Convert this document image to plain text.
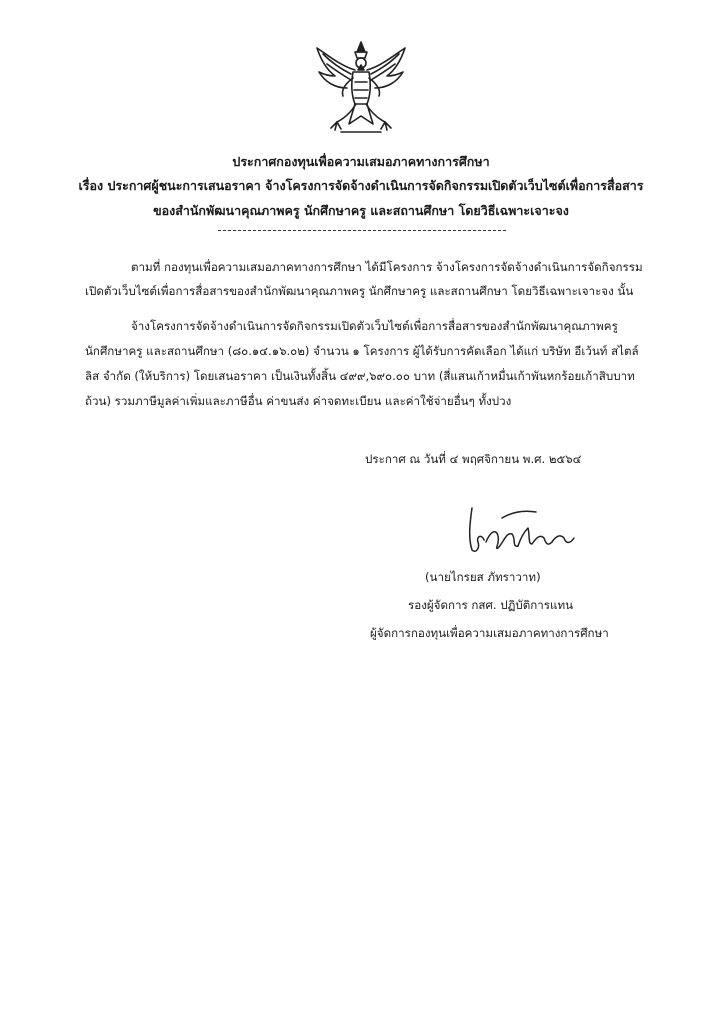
ประกาศกองทุนเพื่อความเสมอภาคทางการศึกษา
เรื่อง ประกาศผู้ชนะการเสนอราคา จ้างโครงการจัดจ้างดำเนินการจัดกิจกรรมเปิดตัวเว็บไซต์เพื่อการสื่อสาร
ของสำนักพัฒนาคุณภาพครู นักศึกษาครู และสถานศึกษา โดยวิธีเฉพาะเจาะจง
ตามที่ กองทุนเพื่อความเสมอภาคทางการศึกษา ได้มีโครงการ จ้างโครงการจัดจ้างดำเนินการจัดกิจกรรม
เปิดตัวเว็บไซต์เพื่อการสื่อสารของสำนักพัฒนาคุณภาพครู นักศึกษาครู และสถานศึกษา โดยวิธีเฉพาะเจาะจง นั้น
จ้างโครงการจัดจ้างดำเนินการจัดกิจกรรมเปิดตัวเว็บไซต์เพื่อการสื่อสารของสำนักพัฒนาคุณภาพครู
นักศึกษาครู และสถานศึกษา (๘๐.๑๔.๑๖.๐๒) จำนวน ๑ โครงการ ผู้ได้รับการคัดเลือก ได้แก่ บริษัท อีเว้นท์ สไตล์
ลิส จำกัด (ให้บริการ) โดยเสนอราคา เป็นเงินทั้งสิ้น ๔๙๙,๖๙๐.๐๐ บาท (สี่แสนเก้าหมื่นเก้าพันหกร้อยเก้าสิบบาท
ถ้วน) รวมภาษีมูลค่าเพิ่มและภาษีอื่น ค่าขนส่ง ค่าจดทะเบียน และค่าใช้จ่ายอื่นๆ ทั้งปวง
ประกาศ ณ วันที่ ๔ พฤศจิกายน พ.ศ. ๒๕๖๔
(นายไกรยส ภัทราวาท)
รองผู้จัดการ กสศ. ปฏิบัติการแทน
ผู้จัดการกองทุนเพื่อความเสมอภาคทางการศึกษา
